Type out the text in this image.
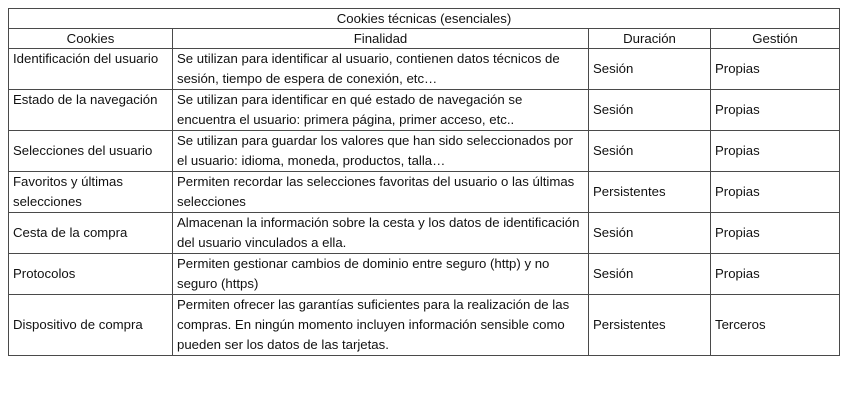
Cookies técnicas (esenciales)			
Cookies	Finalidad	Duración	Gestión
Identificación del usuario	Se utilizan para identificar al usuario, contienen datos técnicos de sesión, tiempo de espera de conexión, etc…	Sesión	Propias
Estado de la navegación	Se utilizan para identificar en qué estado de navegación se encuentra el usuario: primera página, primer acceso, etc..	Sesión	Propias
Selecciones del usuario	Se utilizan para guardar los valores que han sido seleccionados por el usuario: idioma, moneda, productos, talla…	Sesión	Propias
Favoritos y últimas selecciones	Permiten recordar las selecciones favoritas del usuario o las últimas selecciones	Persistentes	Propias
Cesta de la compra	Almacenan la información sobre la cesta y los datos de identificación del usuario vinculados a ella.	Sesión	Propias
Protocolos	Permiten gestionar cambios de dominio entre seguro (http) y no seguro (https)	Sesión	Propias
Dispositivo de compra	Permiten ofrecer las garantías suficientes para la realización de las compras. En ningún momento incluyen información sensible como pueden ser los datos de las tarjetas.	Persistentes	Terceros
